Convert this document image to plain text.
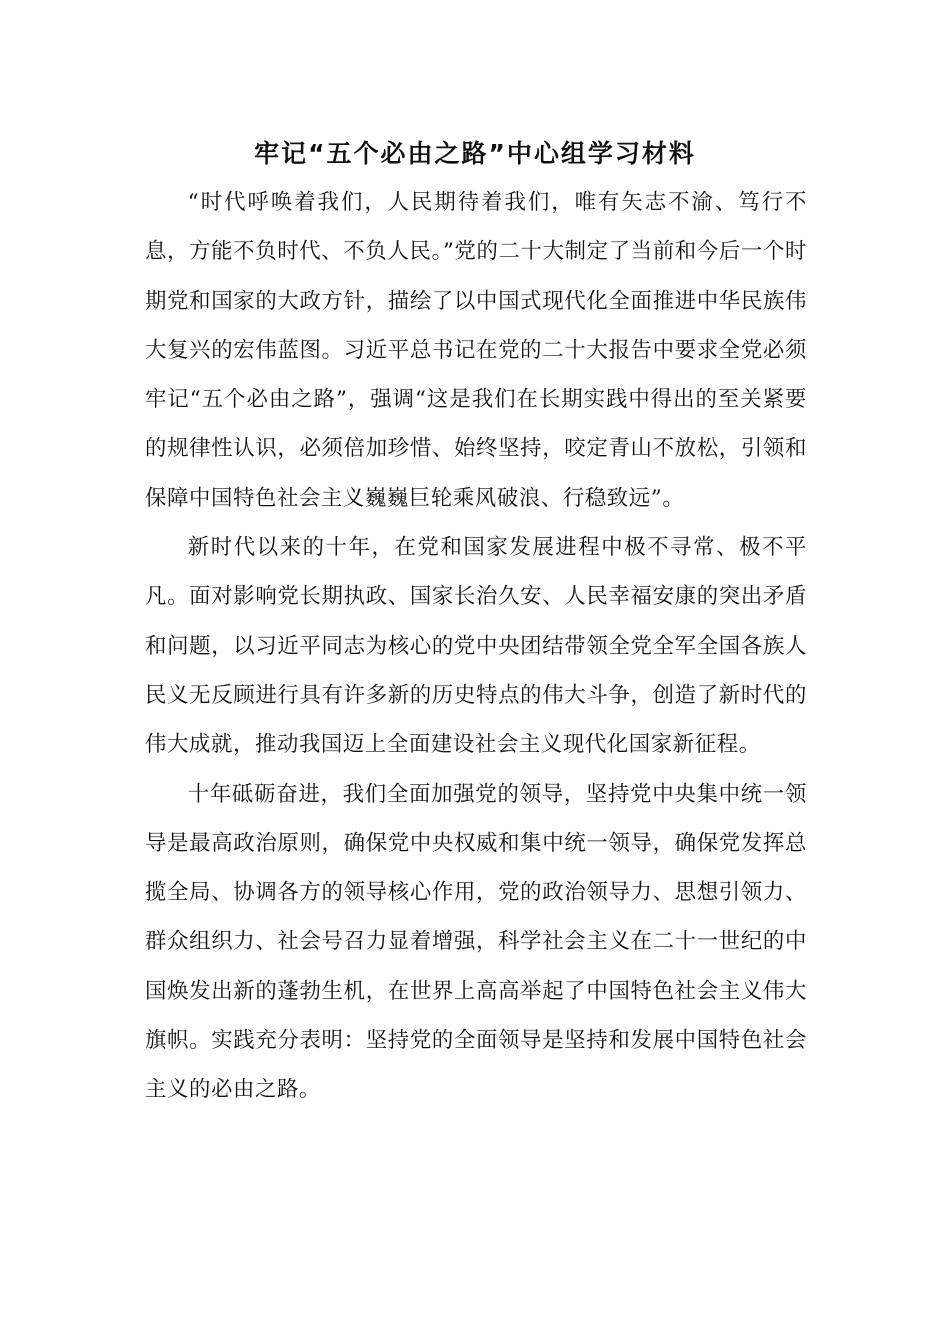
牢记“五个必由之路”中心组学习材料

“时代呼唤着我们，人民期待着我们，唯有矢志不渝、笃行不息，方能不负时代、不负人民。”党的二十大制定了当前和今后一个时期党和国家的大政方针，描绘了以中国式现代化全面推进中华民族伟大复兴的宏伟蓝图。习近平总书记在党的二十大报告中要求全党必须牢记“五个必由之路”，强调“这是我们在长期实践中得出的至关紧要的规律性认识，必须倍加珍惜、始终坚持，咬定青山不放松，引领和保障中国特色社会主义巍巍巨轮乘风破浪、行稳致远”。

新时代以来的十年，在党和国家发展进程中极不寻常、极不平凡。面对影响党长期执政、国家长治久安、人民幸福安康的突出矛盾和问题，以习近平同志为核心的党中央团结带领全党全军全国各族人民义无反顾进行具有许多新的历史特点的伟大斗争，创造了新时代的伟大成就，推动我国迈上全面建设社会主义现代化国家新征程。

十年砥砺奋进，我们全面加强党的领导，坚持党中央集中统一领导是最高政治原则，确保党中央权威和集中统一领导，确保党发挥总揽全局、协调各方的领导核心作用，党的政治领导力、思想引领力、群众组织力、社会号召力显着增强，科学社会主义在二十一世纪的中国焕发出新的蓬勃生机，在世界上高高举起了中国特色社会主义伟大旗帜。实践充分表明：坚持党的全面领导是坚持和发展中国特色社会主义的必由之路。
